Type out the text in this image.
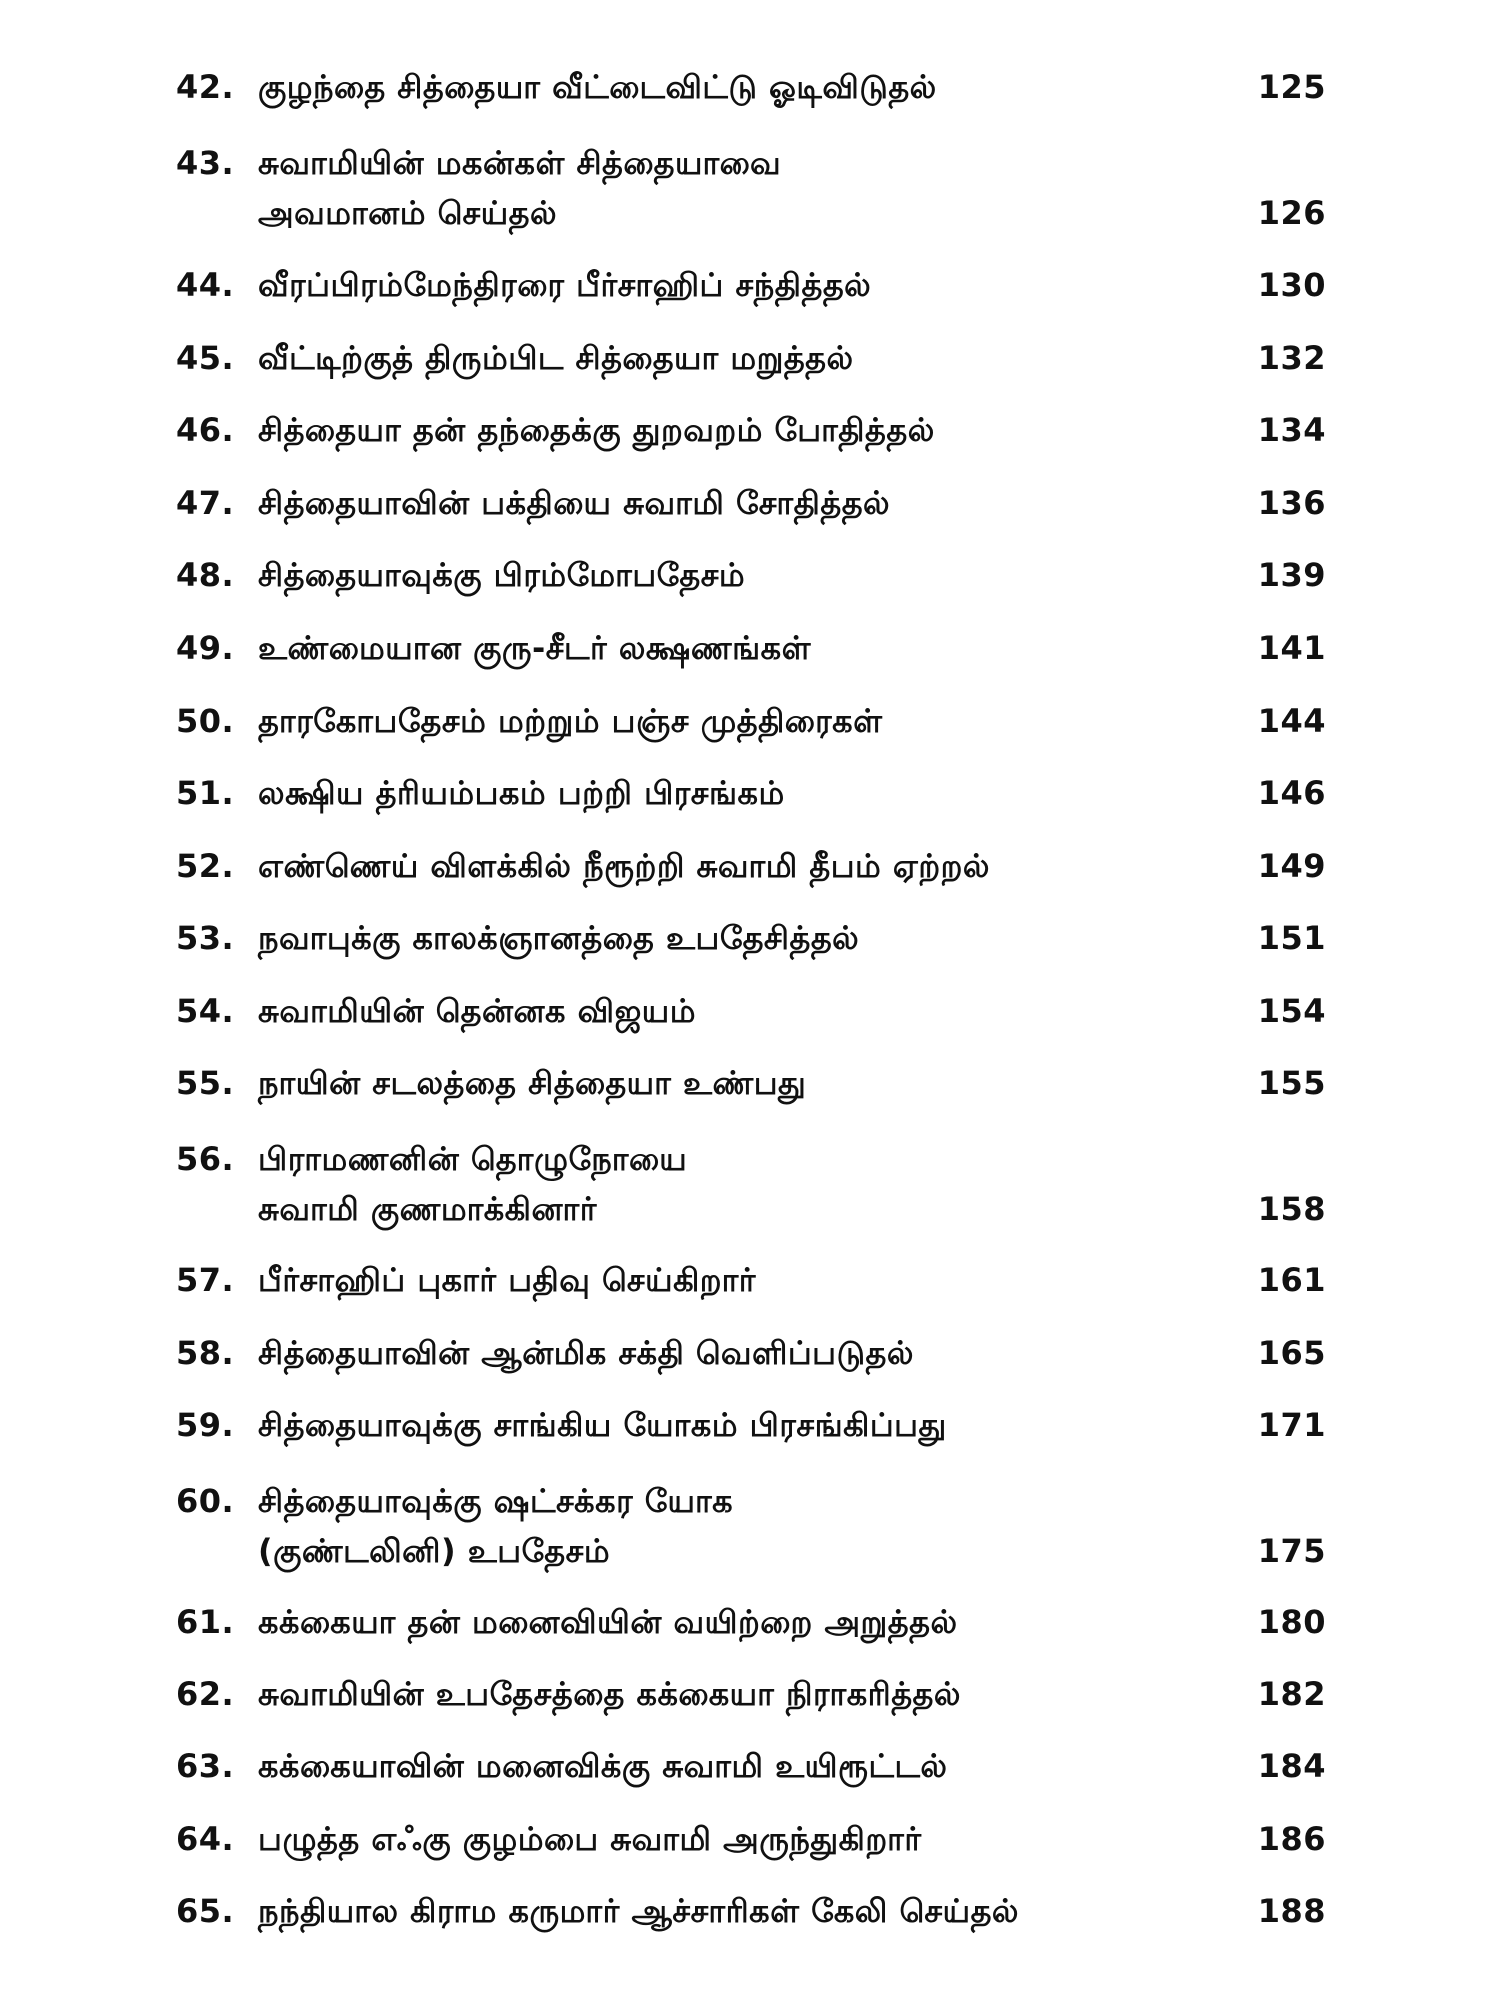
42. குழந்தை சித்தையா வீட்டைவிட்டு ஓடிவிடுதல்	125
43. சுவாமியின் மகன்கள் சித்தையாவை
அவமானம் செய்தல்	126
44. வீரப்பிரம்மேந்திரரை பீர்சாஹிப் சந்தித்தல்	130
45. வீட்டிற்குத் திரும்பிட சித்தையா மறுத்தல்	132
46. சித்தையா தன் தந்தைக்கு துறவறம் போதித்தல்	134
47. சித்தையாவின் பக்தியை சுவாமி சோதித்தல்	136
48. சித்தையாவுக்கு பிரம்மோபதேசம்	139
49. உண்மையான குரு-சீடர் லக்ஷணங்கள்	141
50. தாரகோபதேசம் மற்றும் பஞ்ச முத்திரைகள்	144
51. லக்ஷிய த்ரியம்பகம் பற்றி பிரசங்கம்	146
52. எண்ணெய் விளக்கில் நீரூற்றி சுவாமி தீபம் ஏற்றல்	149
53. நவாபுக்கு காலக்ஞானத்தை உபதேசித்தல்	151
54. சுவாமியின் தென்னக விஜயம்	154
55. நாயின் சடலத்தை சித்தையா உண்பது	155
56. பிராமணனின் தொழுநோயை
சுவாமி குணமாக்கினார்	158
57. பீர்சாஹிப் புகார் பதிவு செய்கிறார்	161
58. சித்தையாவின் ஆன்மிக சக்தி வெளிப்படுதல்	165
59. சித்தையாவுக்கு சாங்கிய யோகம் பிரசங்கிப்பது	171
60. சித்தையாவுக்கு ஷட்சக்கர யோக
(குண்டலினி) உபதேசம்	175
61. கக்கையா தன் மனைவியின் வயிற்றை அறுத்தல்	180
62. சுவாமியின் உபதேசத்தை கக்கையா நிராகரித்தல்	182
63. கக்கையாவின் மனைவிக்கு சுவாமி உயிரூட்டல்	184
64. பழுத்த எஃகு குழம்பை சுவாமி அருந்துகிறார்	186
65. நந்தியால கிராம கருமார் ஆச்சாரிகள் கேலி செய்தல்	188
